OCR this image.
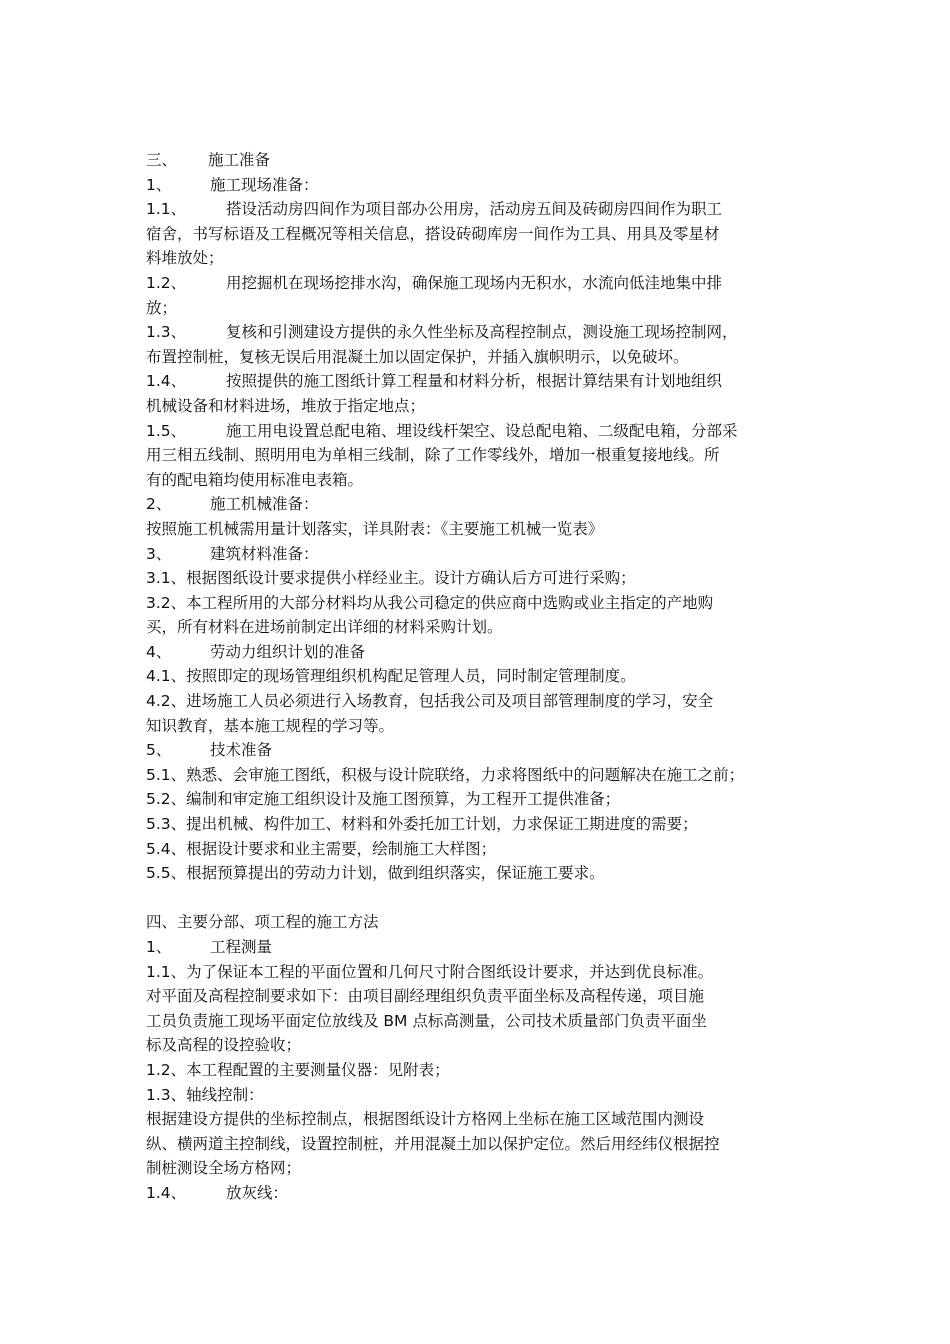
三、 施工准备
1、 施工现场准备：
1.1、	搭设活动房四间作为项目部办公用房，活动房五间及砖砌房四间作为职工
宿舍，书写标语及工程概况等相关信息，搭设砖砌库房一间作为工具、用具及零星材
料堆放处；
1.2、	用挖掘机在现场挖排水沟，确保施工现场内无积水，水流向低洼地集中排
放；
1.3、	复核和引测建设方提供的永久性坐标及高程控制点，测设施工现场控制网，
布置控制桩，复核无误后用混凝土加以固定保护，并插入旗帜明示，以免破坏。
1.4、	按照提供的施工图纸计算工程量和材料分析，根据计算结果有计划地组织
机械设备和材料进场，堆放于指定地点；
1.5、	施工用电设置总配电箱、埋设线杆架空、设总配电箱、二级配电箱，分部采
用三相五线制、照明用电为单相三线制，除了工作零线外，增加一根重复接地线。所
有的配电箱均使用标准电表箱。
2、 施工机械准备：
按照施工机械需用量计划落实，详具附表：《主要施工机械一览表》
3、 建筑材料准备：
3.1、根据图纸设计要求提供小样经业主。设计方确认后方可进行采购；
3.2、本工程所用的大部分材料均从我公司稳定的供应商中选购或业主指定的产地购
买，所有材料在进场前制定出详细的材料采购计划。
4、 劳动力组织计划的准备
4.1、按照即定的现场管理组织机构配足管理人员，同时制定管理制度。
4.2、进场施工人员必须进行入场教育，包括我公司及项目部管理制度的学习，安全
知识教育，基本施工规程的学习等。
5、 技术准备
5.1、熟悉、会审施工图纸，积极与设计院联络，力求将图纸中的问题解决在施工之前；
5.2、编制和审定施工组织设计及施工图预算，为工程开工提供准备；
5.3、提出机械、构件加工、材料和外委托加工计划，力求保证工期进度的需要；
5.4、根据设计要求和业主需要，绘制施工大样图；
5.5、根据预算提出的劳动力计划，做到组织落实，保证施工要求。
四、主要分部、项工程的施工方法
1、 工程测量
1.1、为了保证本工程的平面位置和几何尺寸附合图纸设计要求，并达到优良标准。
对平面及高程控制要求如下：由项目副经理组织负责平面坐标及高程传递，项目施
工员负责施工现场平面定位放线及 BM 点标高测量，公司技术质量部门负责平面坐
标及高程的设控验收；
1.2、本工程配置的主要测量仪器：见附表；
1.3、轴线控制：
根据建设方提供的坐标控制点，根据图纸设计方格网上坐标在施工区域范围内测设
纵、横两道主控制线，设置控制桩，并用混凝土加以保护定位。然后用经纬仪根据控
制桩测设全场方格网；
1.4、	放灰线：
